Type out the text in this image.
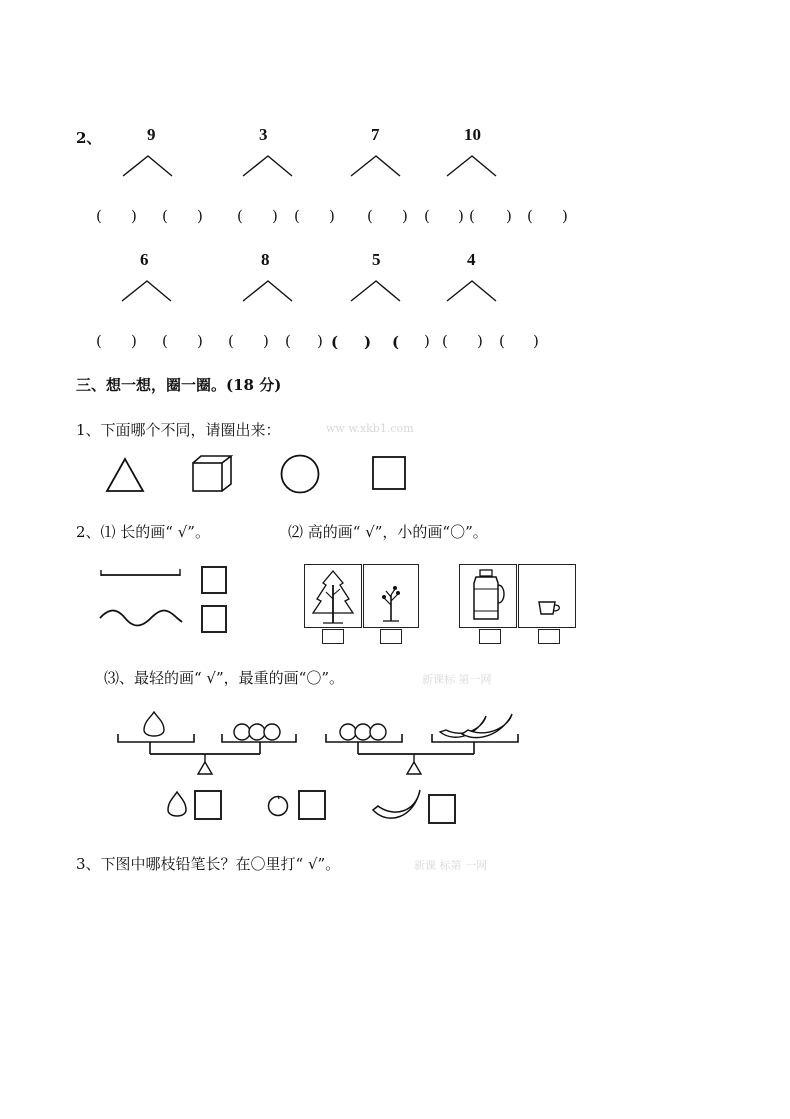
2、	9	3	7	10
( ) ( ) ( ) ( ) ( ) ( ) ( ) ( )
6	8	5	4
( ) ( ) ( ) ( ) ( ) ( ) ( ) ( )
三、想一想，圈一圈。(18 分)
1、下面哪个不同，请圈出来：	ww w.xkb1.com
2、⑴ 长的画“ √”。	⑵ 高的画“ √”，小的画“〇”。
⑶、最轻的画“ √”，最重的画“〇”。	新课标 第一网
3、下图中哪枝铅笔长？在〇里打“ √”。	新课 标第 一网
